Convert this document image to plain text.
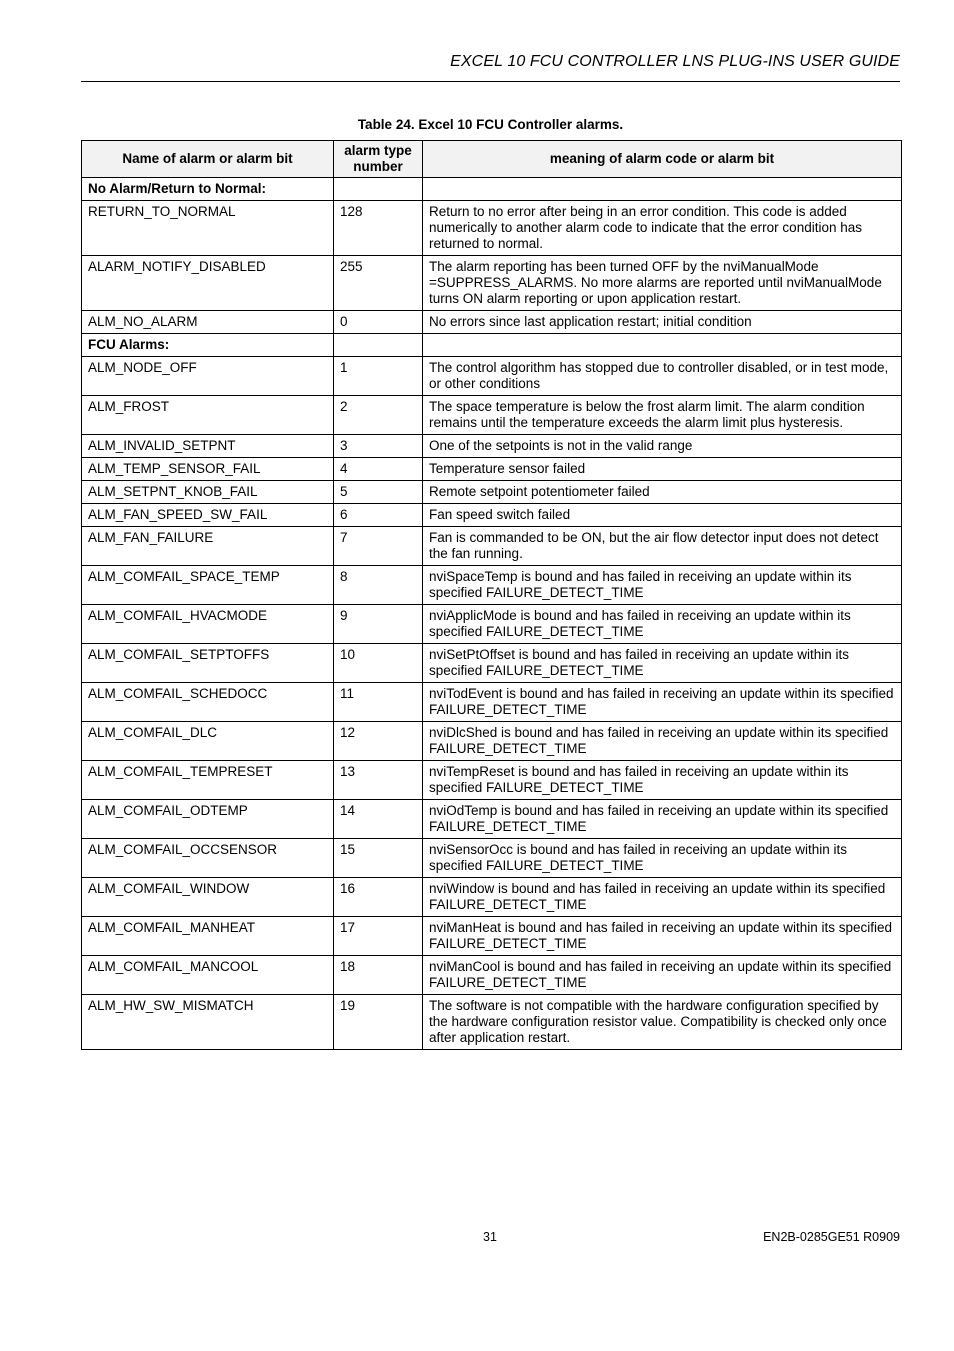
EXCEL 10 FCU CONTROLLER LNS PLUG-INS USER GUIDE
Table 24. Excel 10 FCU Controller alarms.
Name of alarm or alarm bit	alarm type number	meaning of alarm code or alarm bit
No Alarm/Return to Normal:		
RETURN_TO_NORMAL	128	Return to no error after being in an error condition. This code is added numerically to another alarm code to indicate that the error condition has returned to normal.
ALARM_NOTIFY_DISABLED	255	The alarm reporting has been turned OFF by the nviManualMode =SUPPRESS_ALARMS. No more alarms are reported until nviManualMode turns ON alarm reporting or upon application restart.
ALM_NO_ALARM	0	No errors since last application restart; initial condition
FCU Alarms:		
ALM_NODE_OFF	1	The control algorithm has stopped due to controller disabled, or in test mode, or other conditions
ALM_FROST	2	The space temperature is below the frost alarm limit. The alarm condition remains until the temperature exceeds the alarm limit plus hysteresis.
ALM_INVALID_SETPNT	3	One of the setpoints is not in the valid range
ALM_TEMP_SENSOR_FAIL	4	Temperature sensor failed
ALM_SETPNT_KNOB_FAIL	5	Remote setpoint potentiometer failed
ALM_FAN_SPEED_SW_FAIL	6	Fan speed switch failed
ALM_FAN_FAILURE	7	Fan is commanded to be ON, but the air flow detector input does not detect the fan running.
ALM_COMFAIL_SPACE_TEMP	8	nviSpaceTemp is bound and has failed in receiving an update within its specified FAILURE_DETECT_TIME
ALM_COMFAIL_HVACMODE	9	nviApplicMode is bound and has failed in receiving an update within its specified FAILURE_DETECT_TIME
ALM_COMFAIL_SETPTOFFS	10	nviSetPtOffset is bound and has failed in receiving an update within its specified FAILURE_DETECT_TIME
ALM_COMFAIL_SCHEDOCC	11	nviTodEvent is bound and has failed in receiving an update within its specified FAILURE_DETECT_TIME
ALM_COMFAIL_DLC	12	nviDlcShed is bound and has failed in receiving an update within its specified FAILURE_DETECT_TIME
ALM_COMFAIL_TEMPRESET	13	nviTempReset is bound and has failed in receiving an update within its specified FAILURE_DETECT_TIME
ALM_COMFAIL_ODTEMP	14	nviOdTemp is bound and has failed in receiving an update within its specified FAILURE_DETECT_TIME
ALM_COMFAIL_OCCSENSOR	15	nviSensorOcc is bound and has failed in receiving an update within its specified FAILURE_DETECT_TIME
ALM_COMFAIL_WINDOW	16	nviWindow is bound and has failed in receiving an update within its specified FAILURE_DETECT_TIME
ALM_COMFAIL_MANHEAT	17	nviManHeat is bound and has failed in receiving an update within its specified FAILURE_DETECT_TIME
ALM_COMFAIL_MANCOOL	18	nviManCool is bound and has failed in receiving an update within its specified FAILURE_DETECT_TIME
ALM_HW_SW_MISMATCH	19	The software is not compatible with the hardware configuration specified by the hardware configuration resistor value. Compatibility is checked only once after application restart.
31	EN2B-0285GE51 R0909
